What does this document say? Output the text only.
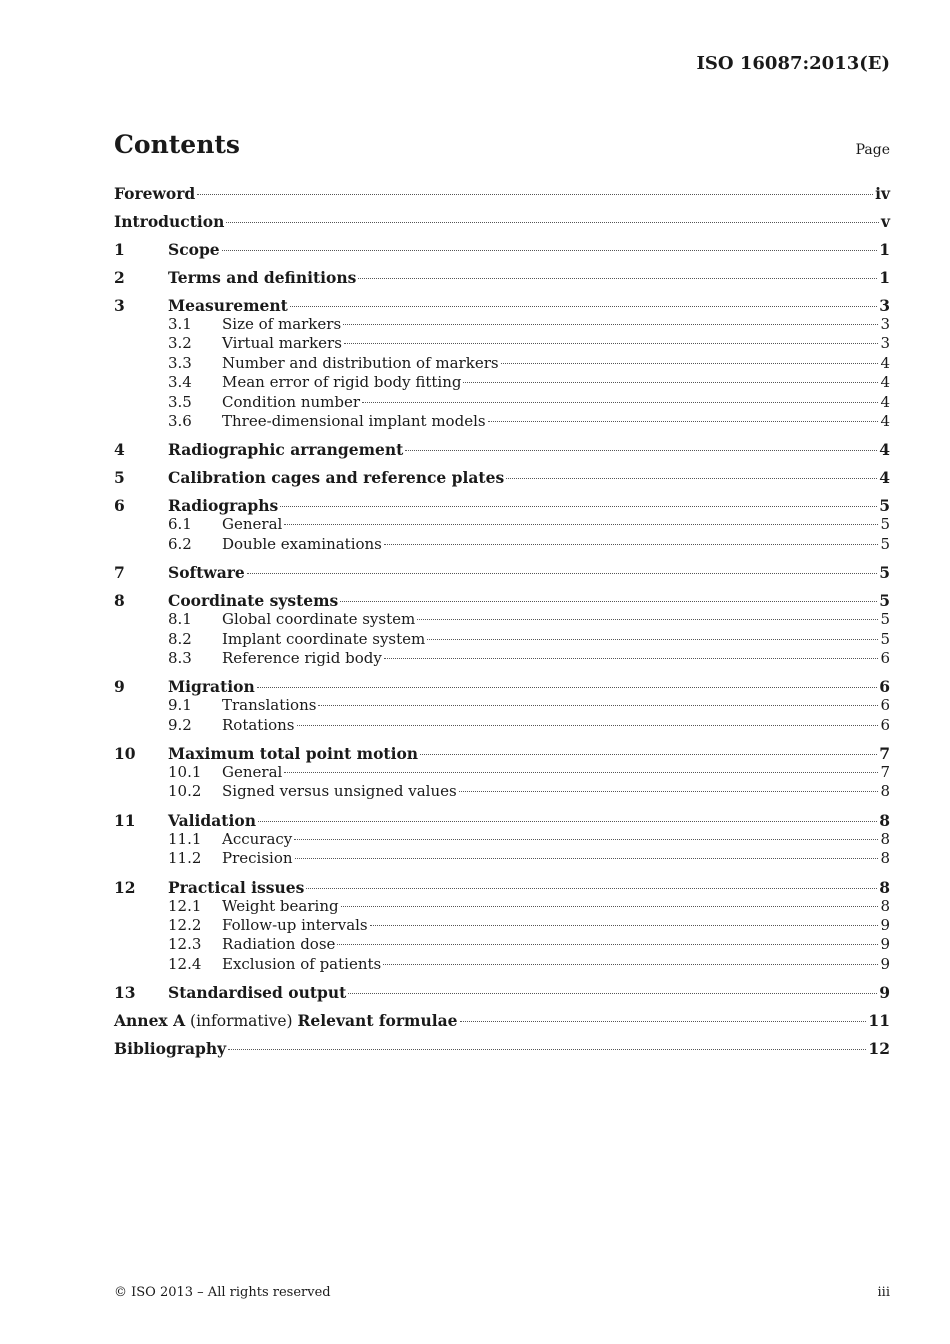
ISO 16087:2013(E)
Contents	Page
Foreword	iv
Introduction	v
1	Scope	1
2	Terms and definitions	1
3	Measurement	3
3.1	Size of markers	3
3.2	Virtual markers	3
3.3	Number and distribution of markers	4
3.4	Mean error of rigid body fitting	4
3.5	Condition number	4
3.6	Three-dimensional implant models	4
4	Radiographic arrangement	4
5	Calibration cages and reference plates	4
6	Radiographs	5
6.1	General	5
6.2	Double examinations	5
7	Software	5
8	Coordinate systems	5
8.1	Global coordinate system	5
8.2	Implant coordinate system	5
8.3	Reference rigid body	6
9	Migration	6
9.1	Translations	6
9.2	Rotations	6
10	Maximum total point motion	7
10.1	General	7
10.2	Signed versus unsigned values	8
11	Validation	8
11.1	Accuracy	8
11.2	Precision	8
12	Practical issues	8
12.1	Weight bearing	8
12.2	Follow-up intervals	9
12.3	Radiation dose	9
12.4	Exclusion of patients	9
13	Standardised output	9
Annex A (informative) Relevant formulae	11
Bibliography	12
© ISO 2013 – All rights reserved	iii
